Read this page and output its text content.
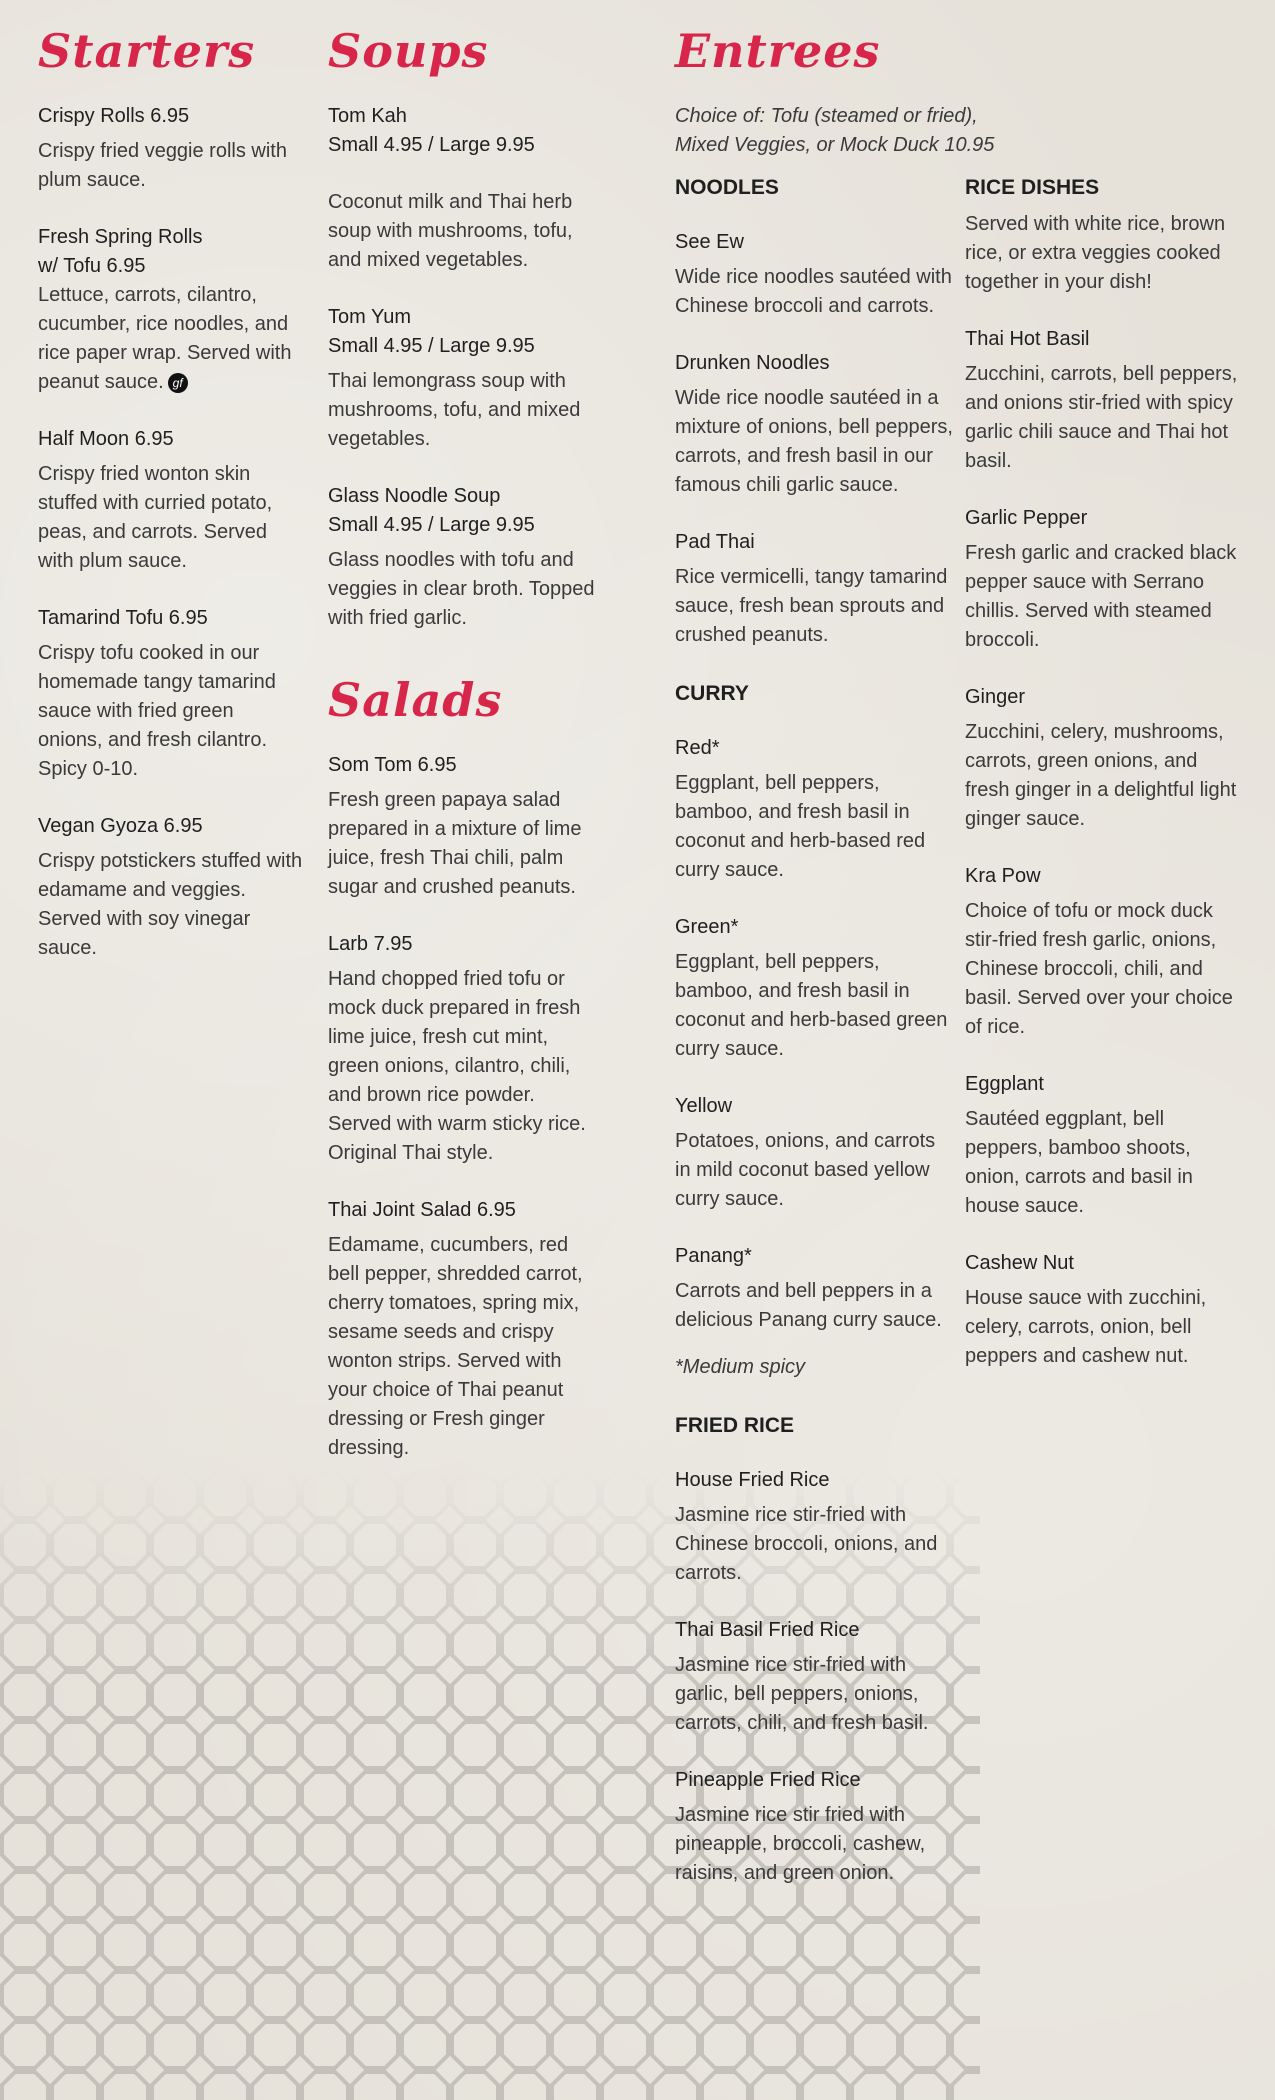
Starters

Crispy Rolls 6.95

Crispy fried veggie rolls with plum sauce.

Fresh Spring Rolls
w/ Tofu 6.95

Lettuce, carrots, cilantro, cucumber, rice noodles, and rice paper wrap. Served with peanut sauce. gf

Half Moon 6.95

Crispy fried wonton skin stuffed with curried potato, peas, and carrots. Served with plum sauce.

Tamarind Tofu 6.95

Crispy tofu cooked in our homemade tangy tamarind sauce with fried green onions, and fresh cilantro. Spicy 0-10.

Vegan Gyoza 6.95

Crispy potstickers stuffed with edamame and veggies. Served with soy vinegar sauce.

Soups

Tom Kah
Small 4.95 / Large 9.95

Coconut milk and Thai herb soup with mushrooms, tofu, and mixed vegetables.

Tom Yum
Small 4.95 / Large 9.95

Thai lemongrass soup with mushrooms, tofu, and mixed vegetables.

Glass Noodle Soup
Small 4.95 / Large 9.95

Glass noodles with tofu and veggies in clear broth. Topped with fried garlic.

Salads

Som Tom 6.95

Fresh green papaya salad prepared in a mixture of lime juice, fresh Thai chili, palm sugar and crushed peanuts.

Larb 7.95

Hand chopped fried tofu or mock duck prepared in fresh lime juice, fresh cut mint, green onions, cilantro, chili, and brown rice powder. Served with warm sticky rice. Original Thai style.

Thai Joint Salad 6.95

Edamame, cucumbers, red bell pepper, shredded carrot, cherry tomatoes, spring mix, sesame seeds and crispy wonton strips. Served with your choice of Thai peanut dressing or Fresh ginger dressing.

Entrees

Choice of: Tofu (steamed or fried),
Mixed Veggies, or Mock Duck 10.95

NOODLES

See Ew

Wide rice noodles sautéed with Chinese broccoli and carrots.

Drunken Noodles

Wide rice noodle sautéed in a mixture of onions, bell peppers, carrots, and fresh basil in our famous chili garlic sauce.

Pad Thai

Rice vermicelli, tangy tamarind sauce, fresh bean sprouts and crushed peanuts.

CURRY

Red*

Eggplant, bell peppers, bamboo, and fresh basil in coconut and herb-based red curry sauce.

Green*

Eggplant, bell peppers, bamboo, and fresh basil in coconut and herb-based green curry sauce.

Yellow

Potatoes, onions, and carrots in mild coconut based yellow curry sauce.

Panang*

Carrots and bell peppers in a delicious Panang curry sauce.

*Medium spicy

FRIED RICE

House Fried Rice

Jasmine rice stir-fried with Chinese broccoli, onions, and carrots.

Thai Basil Fried Rice

Jasmine rice stir-fried with garlic, bell peppers, onions, carrots, chili, and fresh basil.

Pineapple Fried Rice

Jasmine rice stir fried with pineapple, broccoli, cashew, raisins, and green onion.

RICE DISHES

Served with white rice, brown rice, or extra veggies cooked together in your dish!

Thai Hot Basil

Zucchini, carrots, bell peppers, and onions stir-fried with spicy garlic chili sauce and Thai hot basil.

Garlic Pepper

Fresh garlic and cracked black pepper sauce with Serrano chillis. Served with steamed broccoli.

Ginger

Zucchini, celery, mushrooms, carrots, green onions, and fresh ginger in a delightful light ginger sauce.

Kra Pow

Choice of tofu or mock duck stir-fried fresh garlic, onions, Chinese broccoli, chili, and basil. Served over your choice of rice.

Eggplant

Sautéed eggplant, bell peppers, bamboo shoots, onion, carrots and basil in house sauce.

Cashew Nut

House sauce with zucchini, celery, carrots, onion, bell peppers and cashew nut.
